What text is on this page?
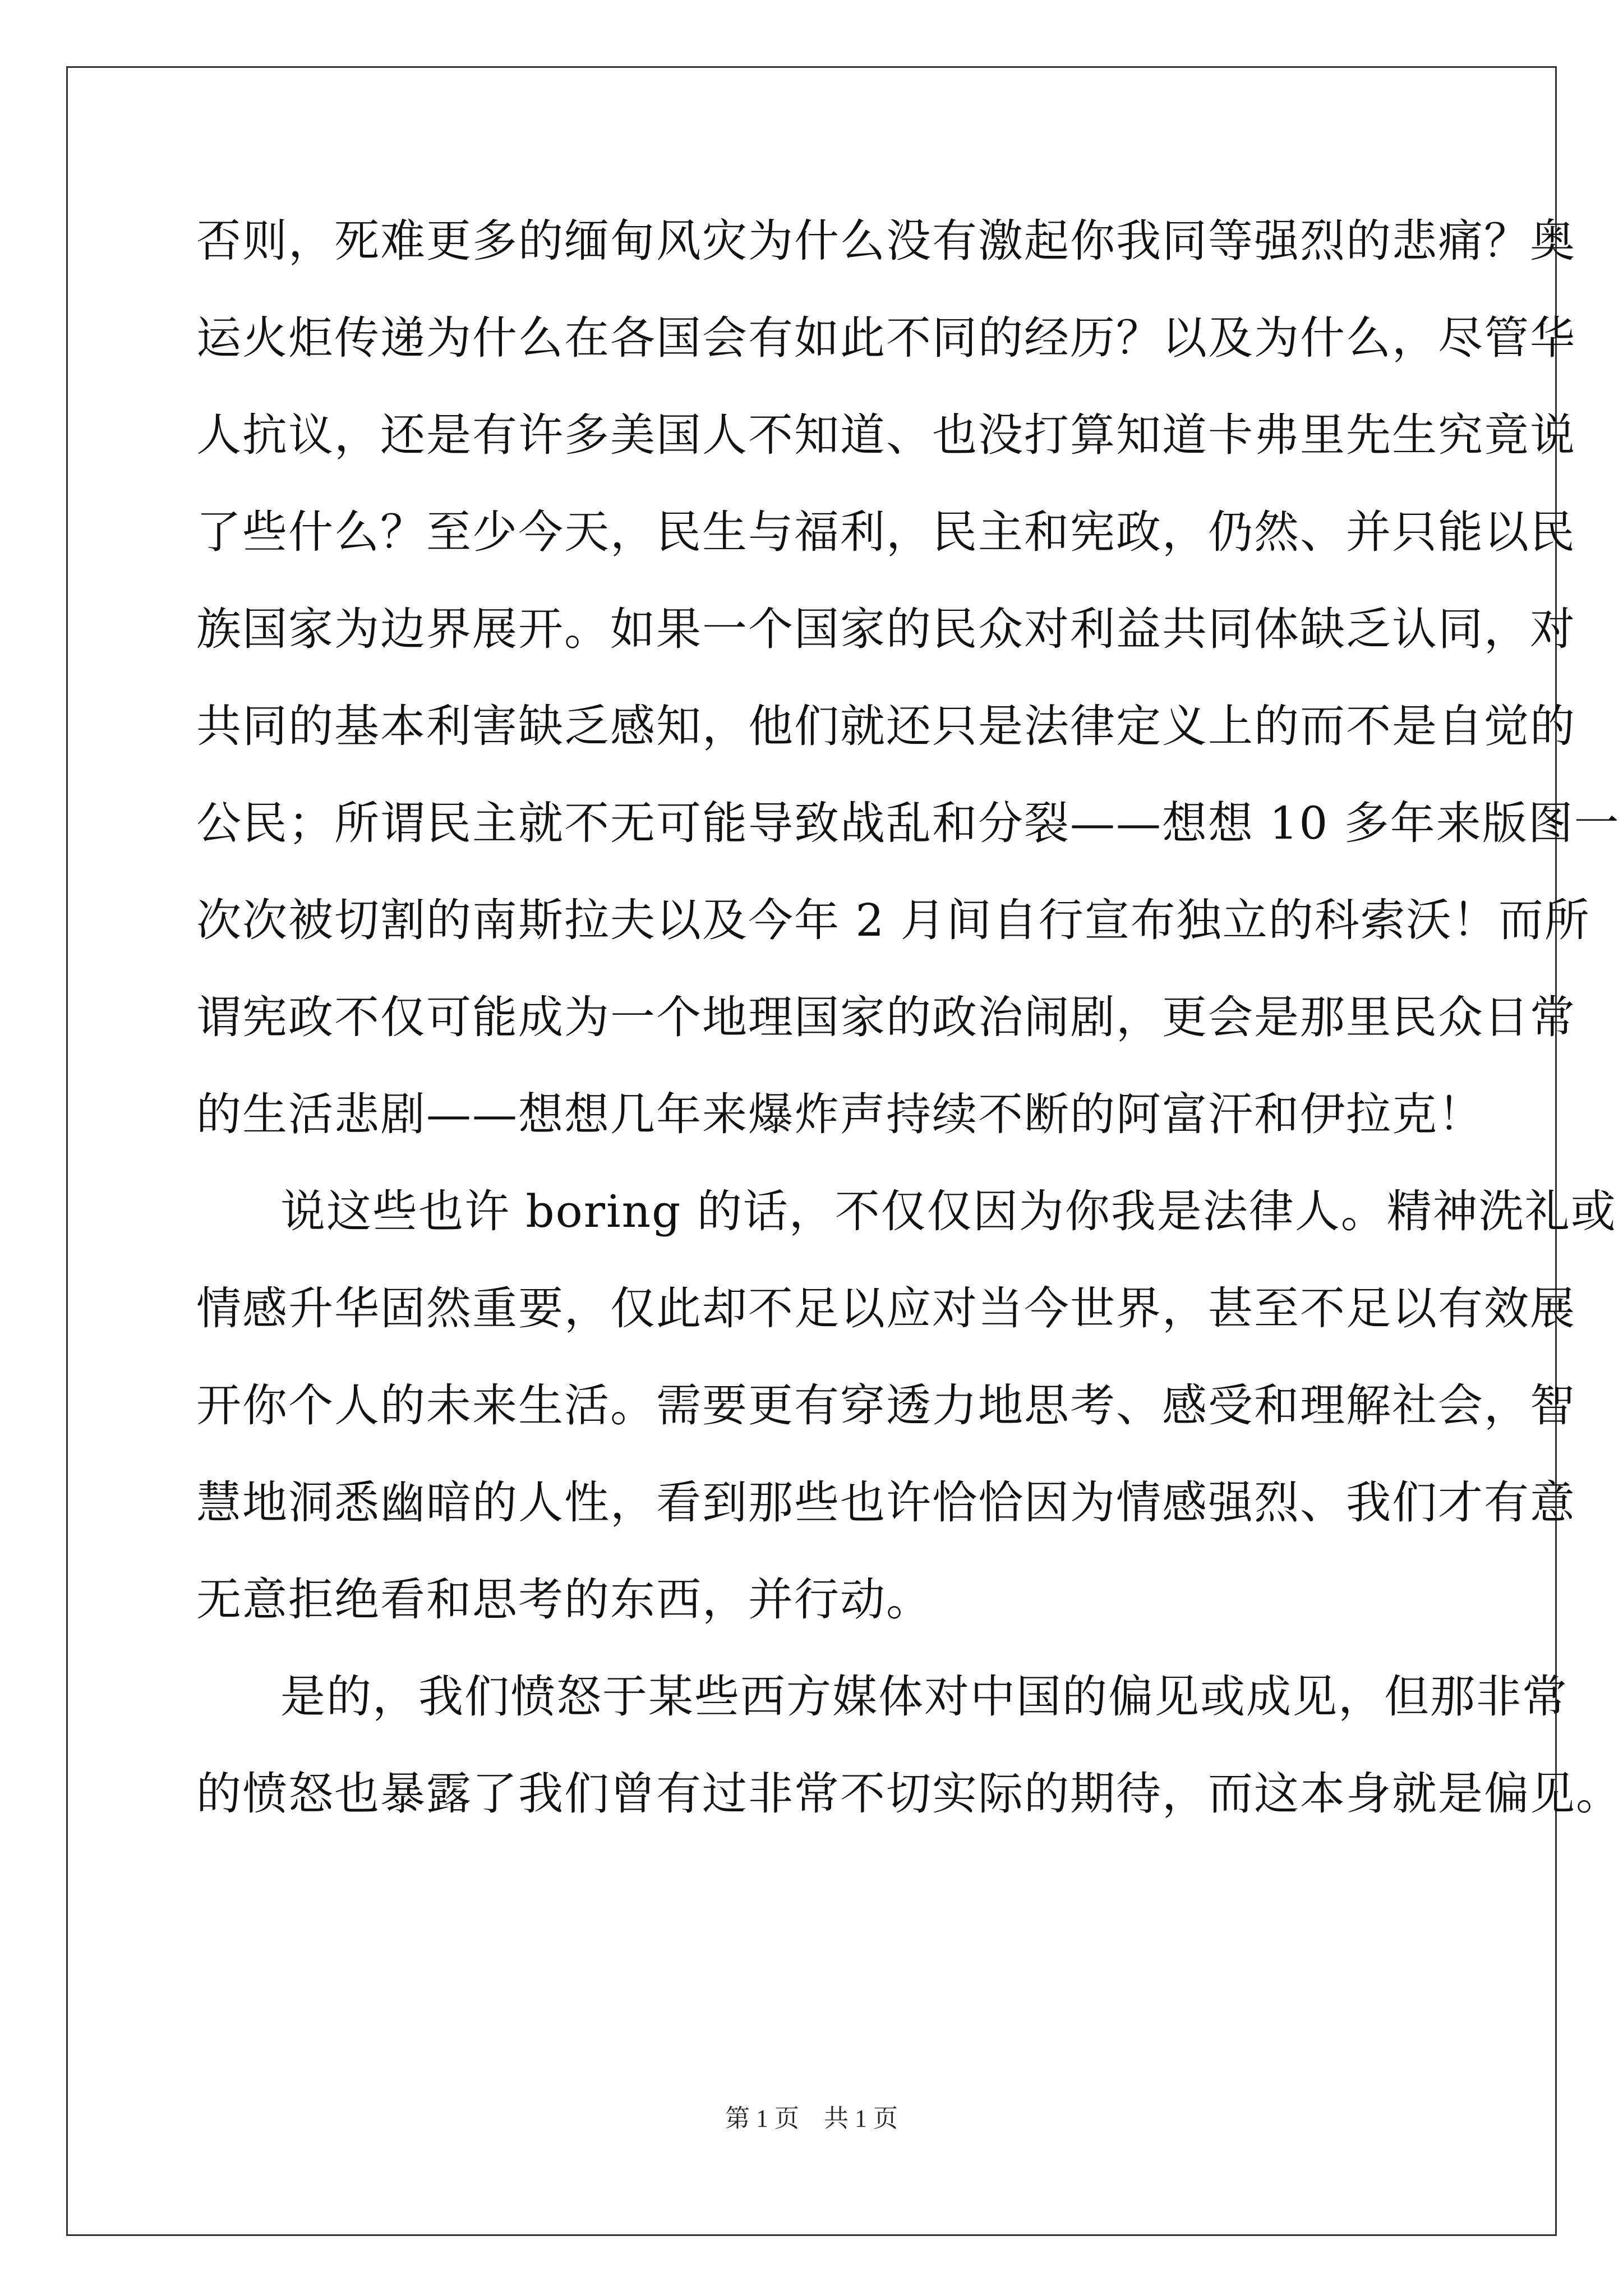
否则，死难更多的缅甸风灾为什么没有激起你我同等强烈的悲痛？奥
运火炬传递为什么在各国会有如此不同的经历？以及为什么，尽管华
人抗议，还是有许多美国人不知道、也没打算知道卡弗里先生究竟说
了些什么？至少今天，民生与福利，民主和宪政，仍然、并只能以民
族国家为边界展开。如果一个国家的民众对利益共同体缺乏认同，对
共同的基本利害缺乏感知，他们就还只是法律定义上的而不是自觉的
公民；所谓民主就不无可能导致战乱和分裂——想想 10 多年来版图一
次次被切割的南斯拉夫以及今年 2 月间自行宣布独立的科索沃！而所
谓宪政不仅可能成为一个地理国家的政治闹剧，更会是那里民众日常
的生活悲剧——想想几年来爆炸声持续不断的阿富汗和伊拉克！
说这些也许 boring 的话，不仅仅因为你我是法律人。精神洗礼或
情感升华固然重要，仅此却不足以应对当今世界，甚至不足以有效展
开你个人的未来生活。需要更有穿透力地思考、感受和理解社会，智
慧地洞悉幽暗的人性，看到那些也许恰恰因为情感强烈、我们才有意
无意拒绝看和思考的东西，并行动。
是的，我们愤怒于某些西方媒体对中国的偏见或成见，但那非常
的愤怒也暴露了我们曾有过非常不切实际的期待，而这本身就是偏见。
第 1 页    共 1 页
